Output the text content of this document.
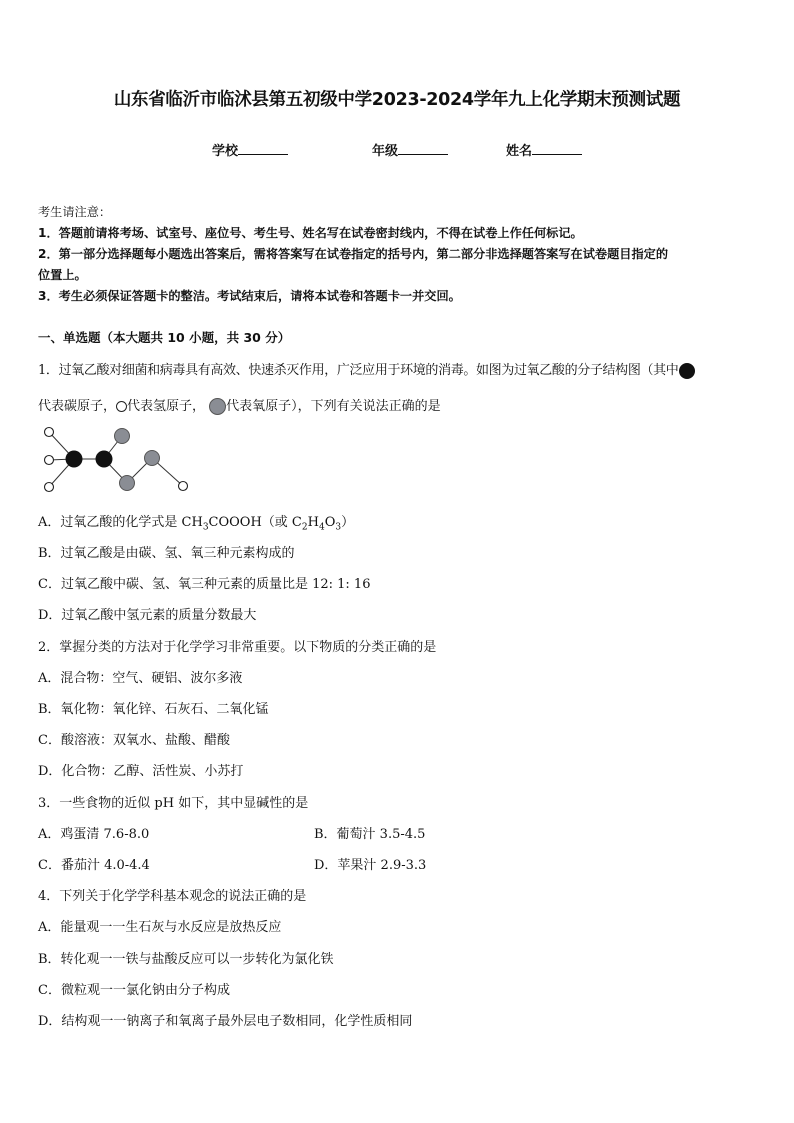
山东省临沂市临沭县第五初级中学2023-2024学年九上化学期末预测试题
学校	年级	姓名
考生请注意：
1．答题前请将考场、试室号、座位号、考生号、姓名写在试卷密封线内，不得在试卷上作任何标记。
2．第一部分选择题每小题选出答案后，需将答案写在试卷指定的括号内，第二部分非选择题答案写在试卷题目指定的
位置上。
3．考生必须保证答题卡的整洁。考试结束后，请将本试卷和答题卡一并交回。
一、单选题（本大题共 10 小题，共 30 分）
1．过氧乙酸对细菌和病毒具有高效、快速杀灭作用，广泛应用于环境的消毒。如图为过氧乙酸的分子结构图（其中
代表碳原子， 代表氢原子， 代表氧原子），下列有关说法正确的是
A．过氧乙酸的化学式是 $CH_3COOOH$（或 $C_2H_4O_3$）
B．过氧乙酸是由碳、氢、氧三种元素构成的
C．过氧乙酸中碳、氢、氧三种元素的质量比是 12: 1: 16
D．过氧乙酸中氢元素的质量分数最大
2．掌握分类的方法对于化学学习非常重要。以下物质的分类正确的是
A．混合物：空气、硬铝、波尔多液
B．氧化物：氧化锌、石灰石、二氧化锰
C．酸溶液：双氧水、盐酸、醋酸
D．化合物：乙醇、活性炭、小苏打
3．一些食物的近似 pH 如下，其中显碱性的是
A．鸡蛋清 7.6-8.0	B．葡萄汁 3.5-4.5
C．番茄汁 4.0-4.4	D．苹果汁 2.9-3.3
4．下列关于化学学科基本观念的说法正确的是
A．能量观一一生石灰与水反应是放热反应
B．转化观一一铁与盐酸反应可以一步转化为氯化铁
C．微粒观一一氯化钠由分子构成
D．结构观一一钠离子和氧离子最外层电子数相同，化学性质相同
